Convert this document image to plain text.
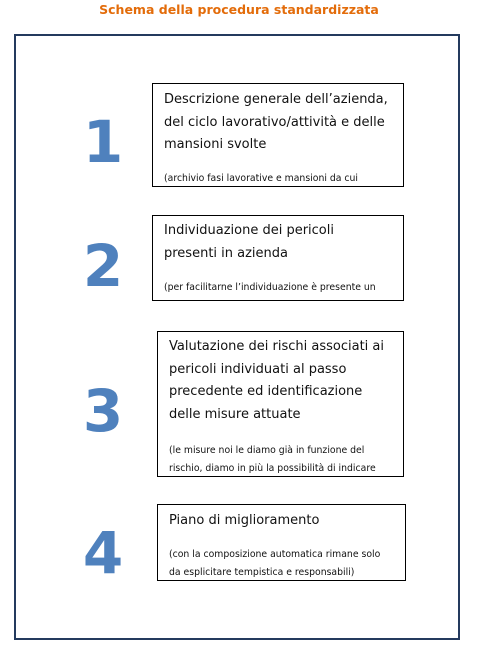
Schema della procedura standardizzata
1
Descrizione generale dell’azienda, del ciclo lavorativo/attività e delle mansioni svolte
(archivio fasi lavorative e mansioni da cui
2
Individuazione dei pericoli presenti in azienda
(per facilitarne l’individuazione è presente un
3
Valutazione dei rischi associati ai pericoli individuati al passo precedente ed identificazione delle misure attuate
(le misure noi le diamo già in funzione del
rischio, diamo in più la possibilità di indicare
4	Piano di miglioramento
(con la composizione automatica rimane solo
da esplicitare tempistica e responsabili)
